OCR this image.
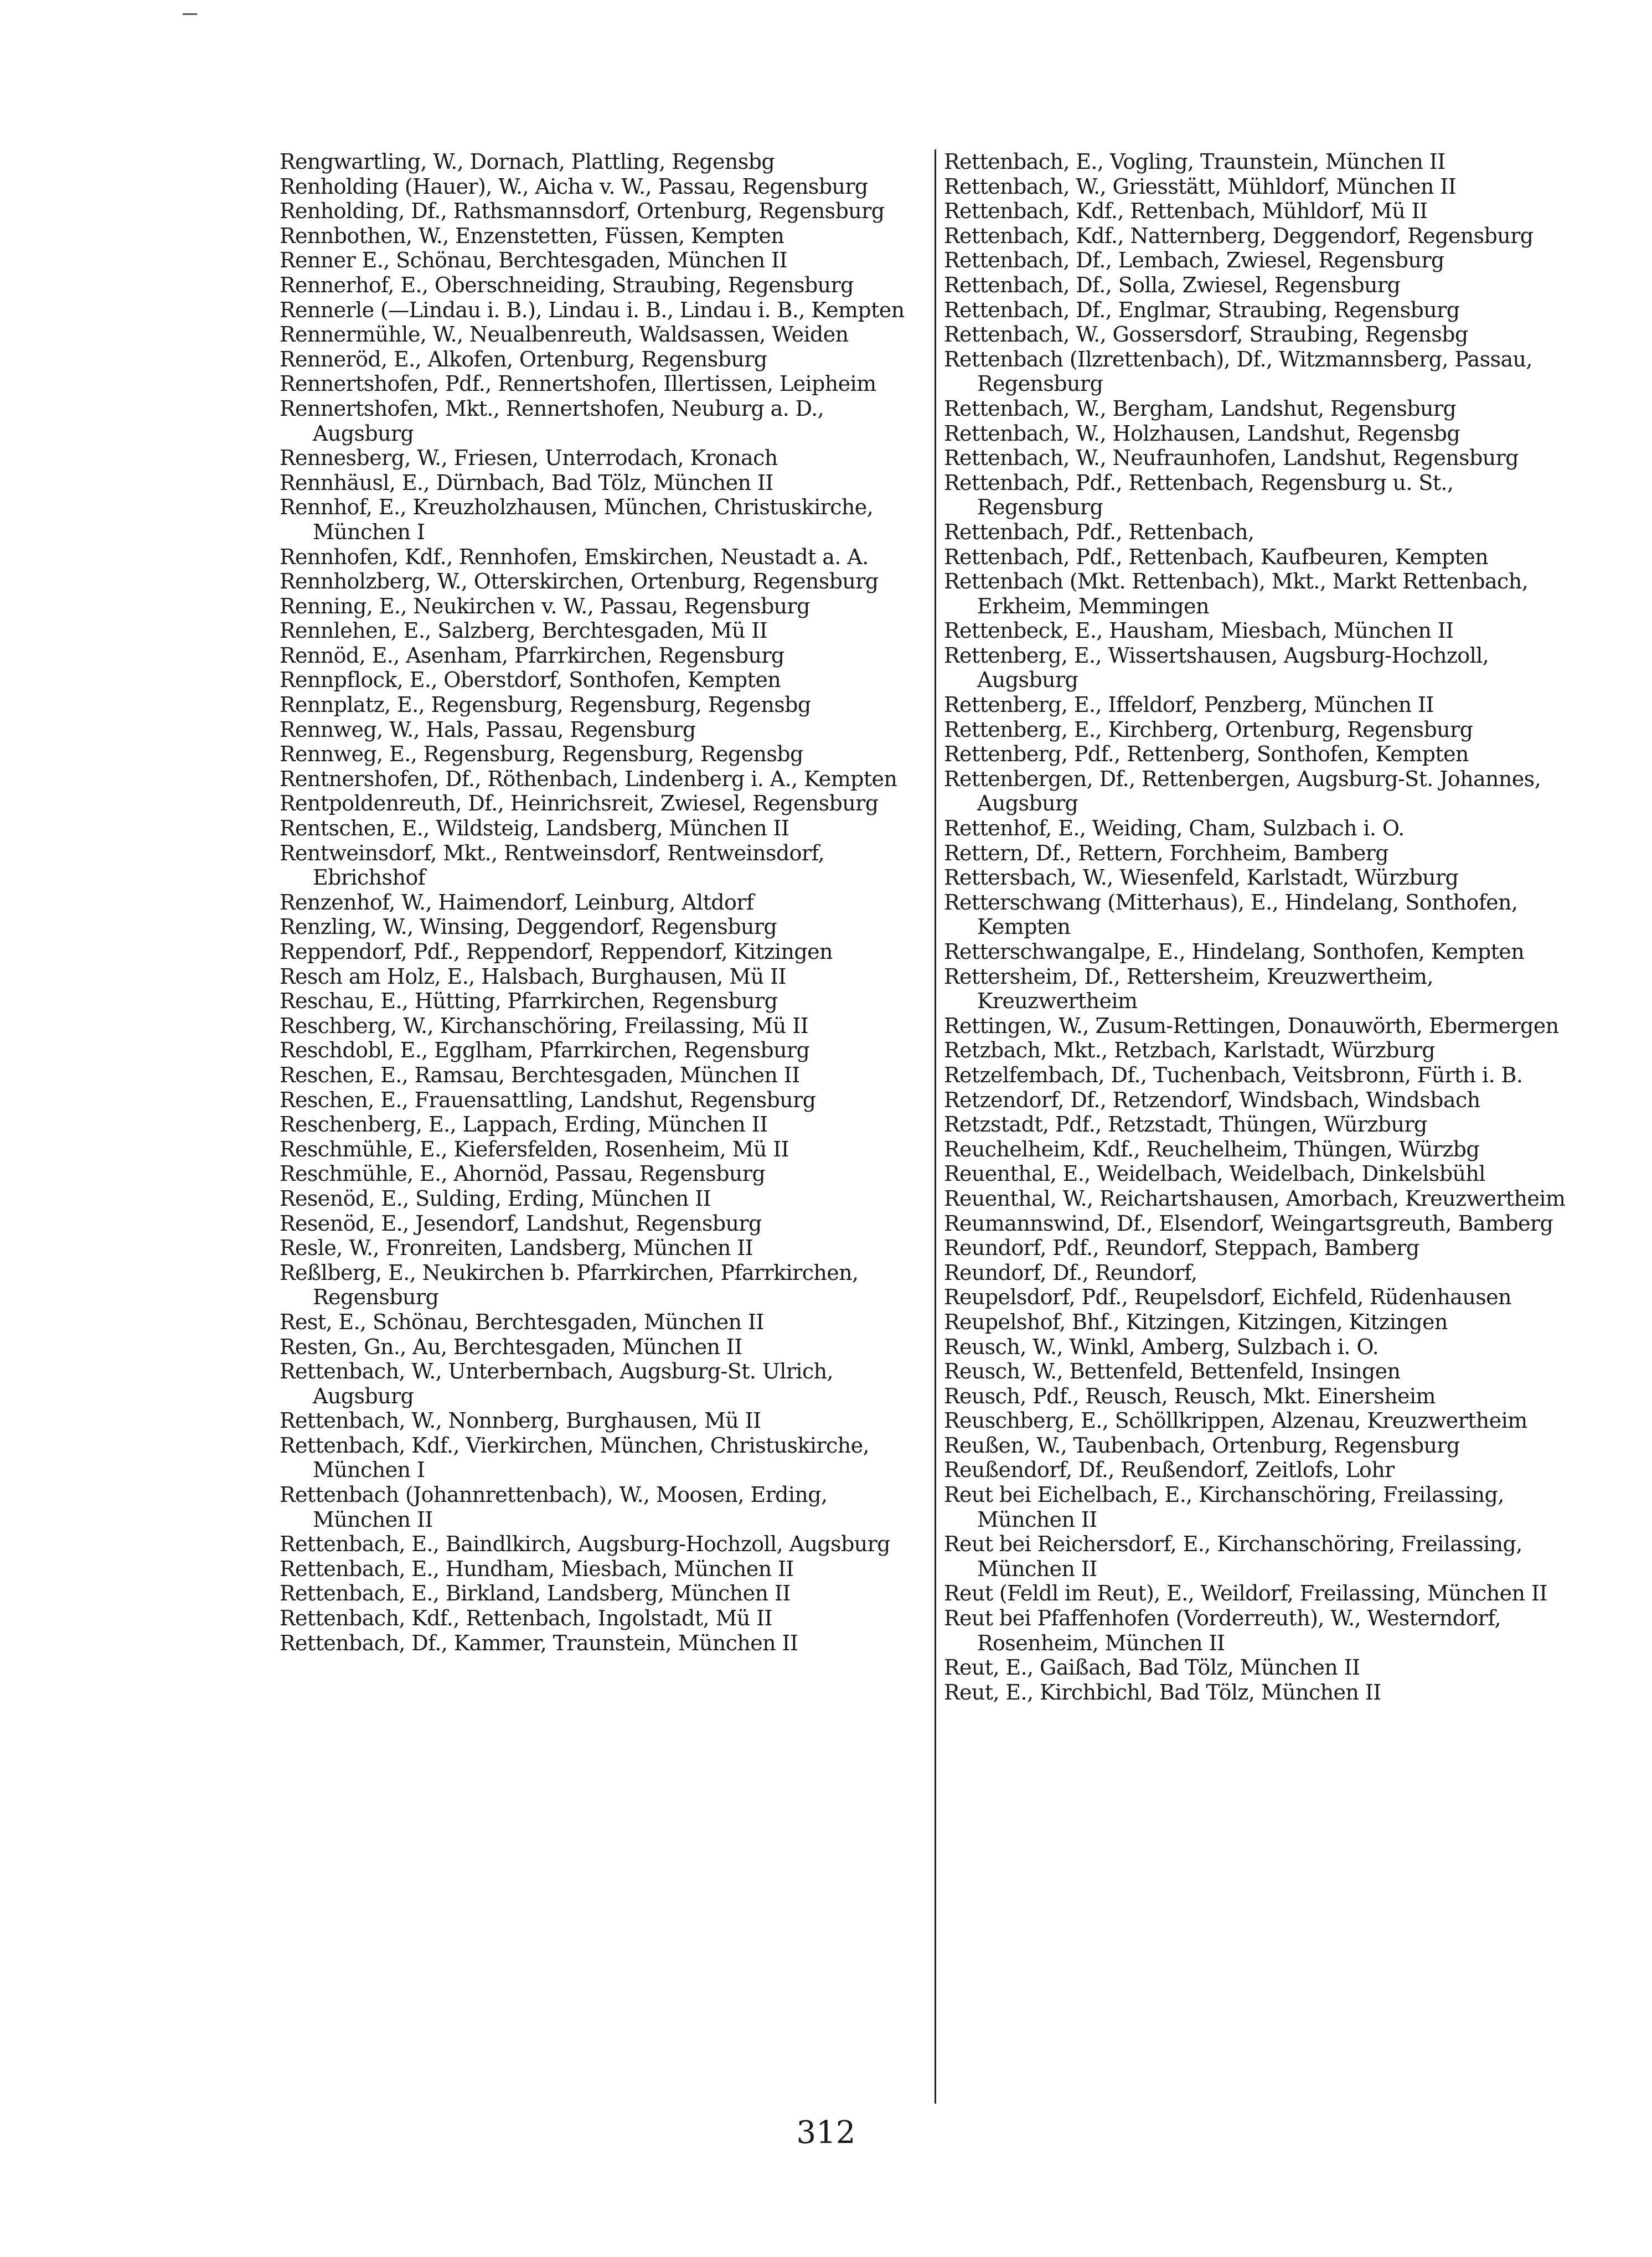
Rengwartling, W., Dornach, Plattling, Regensbg

Renholding (Hauer), W., Aicha v. W., Passau, Regensburg

Renholding, Df., Rathsmannsdorf, Ortenburg, Regensburg

Rennbothen, W., Enzenstetten, Füssen, Kempten

Renner E., Schönau, Berchtesgaden, München II

Rennerhof, E., Oberschneiding, Straubing, Regensburg

Rennerle (—Lindau i. B.), Lindau i. B., Lindau i. B., Kempten

Rennermühle, W., Neualbenreuth, Waldsassen, Weiden

Renneröd, E., Alkofen, Ortenburg, Regensburg

Rennertshofen, Pdf., Rennertshofen, Illertissen, Leipheim

Rennertshofen, Mkt., Rennertshofen, Neuburg a. D., Augsburg

Rennesberg, W., Friesen, Unterrodach, Kronach

Rennhäusl, E., Dürnbach, Bad Tölz, München II

Rennhof, E., Kreuzholzhausen, München, Christuskirche, München I

Rennhofen, Kdf., Rennhofen, Emskirchen, Neustadt a. A.

Rennholzberg, W., Otterskirchen, Ortenburg, Regensburg

Renning, E., Neukirchen v. W., Passau, Regensburg

Rennlehen, E., Salzberg, Berchtesgaden, Mü II

Rennöd, E., Asenham, Pfarrkirchen, Regensburg

Rennpflock, E., Oberstdorf, Sonthofen, Kempten

Rennplatz, E., Regensburg, Regensburg, Regensbg

Rennweg, W., Hals, Passau, Regensburg

Rennweg, E., Regensburg, Regensburg, Regensbg

Rentnershofen, Df., Röthenbach, Lindenberg i. A., Kempten

Rentpoldenreuth, Df., Heinrichsreit, Zwiesel, Regensburg

Rentschen, E., Wildsteig, Landsberg, München II

Rentweinsdorf, Mkt., Rentweinsdorf, Rentweinsdorf, Ebrichshof

Renzenhof, W., Haimendorf, Leinburg, Altdorf

Renzling, W., Winsing, Deggendorf, Regensburg

Reppendorf, Pdf., Reppendorf, Reppendorf, Kitzingen

Resch am Holz, E., Halsbach, Burghausen, Mü II

Reschau, E., Hütting, Pfarrkirchen, Regensburg

Reschberg, W., Kirchanschöring, Freilassing, Mü II

Reschdobl, E., Egglham, Pfarrkirchen, Regensburg

Reschen, E., Ramsau, Berchtesgaden, München II

Reschen, E., Frauensattling, Landshut, Regensburg

Reschenberg, E., Lappach, Erding, München II

Reschmühle, E., Kiefersfelden, Rosenheim, Mü II

Reschmühle, E., Ahornöd, Passau, Regensburg

Resenöd, E., Sulding, Erding, München II

Resenöd, E., Jesendorf, Landshut, Regensburg

Resle, W., Fronreiten, Landsberg, München II

Reßlberg, E., Neukirchen b. Pfarrkirchen, Pfarrkirchen, Regensburg

Rest, E., Schönau, Berchtesgaden, München II

Resten, Gn., Au, Berchtesgaden, München II

Rettenbach, W., Unterbernbach, Augsburg-St. Ulrich, Augsburg

Rettenbach, W., Nonnberg, Burghausen, Mü II

Rettenbach, Kdf., Vierkirchen, München, Christuskirche, München I

Rettenbach (Johannrettenbach), W., Moosen, Erding, München II

Rettenbach, E., Baindlkirch, Augsburg-Hochzoll, Augsburg

Rettenbach, E., Hundham, Miesbach, München II

Rettenbach, E., Birkland, Landsberg, München II

Rettenbach, Kdf., Rettenbach, Ingolstadt, Mü II

Rettenbach, Df., Kammer, Traunstein, München II

Rettenbach, E., Vogling, Traunstein, München II

Rettenbach, W., Griesstätt, Mühldorf, München II

Rettenbach, Kdf., Rettenbach, Mühldorf, Mü II

Rettenbach, Kdf., Natternberg, Deggendorf, Regensburg

Rettenbach, Df., Lembach, Zwiesel, Regensburg

Rettenbach, Df., Solla, Zwiesel, Regensburg

Rettenbach, Df., Englmar, Straubing, Regensburg

Rettenbach, W., Gossersdorf, Straubing, Regensbg

Rettenbach (Ilzrettenbach), Df., Witzmannsberg, Passau, Regensburg

Rettenbach, W., Bergham, Landshut, Regensburg

Rettenbach, W., Holzhausen, Landshut, Regensbg

Rettenbach, W., Neufraunhofen, Landshut, Regensburg

Rettenbach, Pdf., Rettenbach, Regensburg u. St., Regensburg

Rettenbach, Pdf., Rettenbach,

Rettenbach, Pdf., Rettenbach, Kaufbeuren, Kempten

Rettenbach (Mkt. Rettenbach), Mkt., Markt Rettenbach, Erkheim, Memmingen

Rettenbeck, E., Hausham, Miesbach, München II

Rettenberg, E., Wissertshausen, Augsburg-Hochzoll, Augsburg

Rettenberg, E., Iffeldorf, Penzberg, München II

Rettenberg, E., Kirchberg, Ortenburg, Regensburg

Rettenberg, Pdf., Rettenberg, Sonthofen, Kempten

Rettenbergen, Df., Rettenbergen, Augsburg-St. Johannes, Augsburg

Rettenhof, E., Weiding, Cham, Sulzbach i. O.

Rettern, Df., Rettern, Forchheim, Bamberg

Rettersbach, W., Wiesenfeld, Karlstadt, Würzburg

Retterschwang (Mitterhaus), E., Hindelang, Sonthofen, Kempten

Retterschwangalpe, E., Hindelang, Sonthofen, Kempten

Rettersheim, Df., Rettersheim, Kreuzwertheim, Kreuzwertheim

Rettingen, W., Zusum-Rettingen, Donauwörth, Ebermergen

Retzbach, Mkt., Retzbach, Karlstadt, Würzburg

Retzelfembach, Df., Tuchenbach, Veitsbronn, Fürth i. B.

Retzendorf, Df., Retzendorf, Windsbach, Windsbach

Retzstadt, Pdf., Retzstadt, Thüngen, Würzburg

Reuchelheim, Kdf., Reuchelheim, Thüngen, Würzbg

Reuenthal, E., Weidelbach, Weidelbach, Dinkelsbühl

Reuenthal, W., Reichartshausen, Amorbach, Kreuzwertheim

Reumannswind, Df., Elsendorf, Weingartsgreuth, Bamberg

Reundorf, Pdf., Reundorf, Steppach, Bamberg

Reundorf, Df., Reundorf,

Reupelsdorf, Pdf., Reupelsdorf, Eichfeld, Rüdenhausen

Reupelshof, Bhf., Kitzingen, Kitzingen, Kitzingen

Reusch, W., Winkl, Amberg, Sulzbach i. O.

Reusch, W., Bettenfeld, Bettenfeld, Insingen

Reusch, Pdf., Reusch, Reusch, Mkt. Einersheim

Reuschberg, E., Schöllkrippen, Alzenau, Kreuzwertheim

Reußen, W., Taubenbach, Ortenburg, Regensburg

Reußendorf, Df., Reußendorf, Zeitlofs, Lohr

Reut bei Eichelbach, E., Kirchanschöring, Freilassing, München II

Reut bei Reichersdorf, E., Kirchanschöring, Freilassing, München II

Reut (Feldl im Reut), E., Weildorf, Freilassing, München II

Reut bei Pfaffenhofen (Vorderreuth), W., Westerndorf, Rosenheim, München II

Reut, E., Gaißach, Bad Tölz, München II

Reut, E., Kirchbichl, Bad Tölz, München II

312
